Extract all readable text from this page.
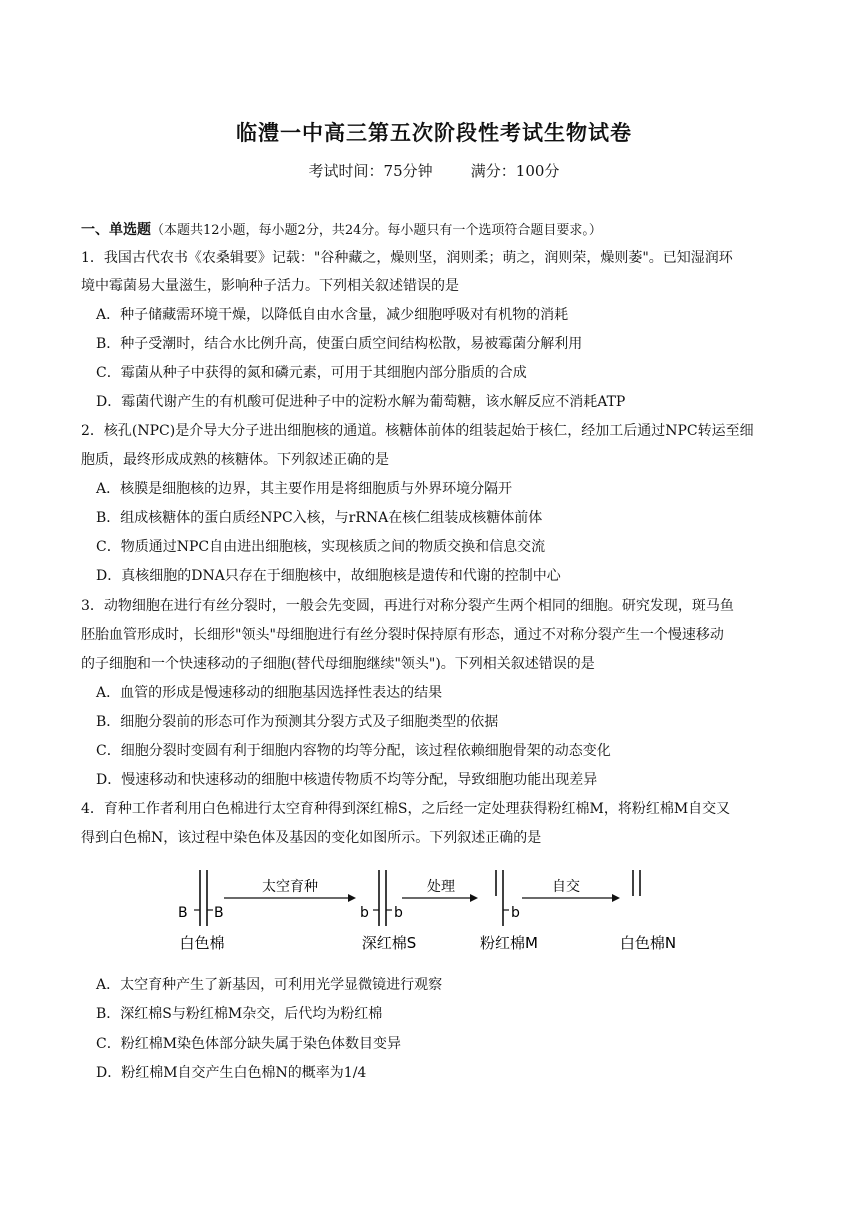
临澧一中高三第五次阶段性考试生物试卷
考试时间：75分钟	满分：100分
一、单选题（本题共12小题，每小题2分，共24分。每小题只有一个选项符合题目要求。）
1．我国古代农书《农桑辑要》记载："谷种藏之，燥则坚，润则柔；萌之，润则荣，燥则萎"。已知湿润环
境中霉菌易大量滋生，影响种子活力。下列相关叙述错误的是
A．种子储藏需环境干燥，以降低自由水含量，减少细胞呼吸对有机物的消耗
B．种子受潮时，结合水比例升高，使蛋白质空间结构松散，易被霉菌分解利用
C．霉菌从种子中获得的氮和磷元素，可用于其细胞内部分脂质的合成
D．霉菌代谢产生的有机酸可促进种子中的淀粉水解为葡萄糖，该水解反应不消耗ATP
2．核孔(NPC)是介导大分子进出细胞核的通道。核糖体前体的组装起始于核仁，经加工后通过NPC转运至细
胞质，最终形成成熟的核糖体。下列叙述正确的是
A．核膜是细胞核的边界，其主要作用是将细胞质与外界环境分隔开
B．组成核糖体的蛋白质经NPC入核，与rRNA在核仁组装成核糖体前体
C．物质通过NPC自由进出细胞核，实现核质之间的物质交换和信息交流
D．真核细胞的DNA只存在于细胞核中，故细胞核是遗传和代谢的控制中心
3．动物细胞在进行有丝分裂时，一般会先变圆，再进行对称分裂产生两个相同的细胞。研究发现，斑马鱼
胚胎血管形成时，长细形"领头"母细胞进行有丝分裂时保持原有形态，通过不对称分裂产生一个慢速移动
的子细胞和一个快速移动的子细胞(替代母细胞继续"领头")。下列相关叙述错误的是
A．血管的形成是慢速移动的细胞基因选择性表达的结果
B．细胞分裂前的形态可作为预测其分裂方式及子细胞类型的依据
C．细胞分裂时变圆有利于细胞内容物的均等分配，该过程依赖细胞骨架的动态变化
D．慢速移动和快速移动的细胞中核遗传物质不均等分配，导致细胞功能出现差异
4．育种工作者利用白色棉进行太空育种得到深红棉S，之后经一定处理获得粉红棉M，将粉红棉M自交又
得到白色棉N，该过程中染色体及基因的变化如图所示。下列叙述正确的是
B B
太空育种
b b
处理
b
自交
白色棉	深红棉S	粉红棉M	白色棉N
A．太空育种产生了新基因，可利用光学显微镜进行观察
B．深红棉S与粉红棉M杂交，后代均为粉红棉
C．粉红棉M染色体部分缺失属于染色体数目变异
D．粉红棉M自交产生白色棉N的概率为1/4
